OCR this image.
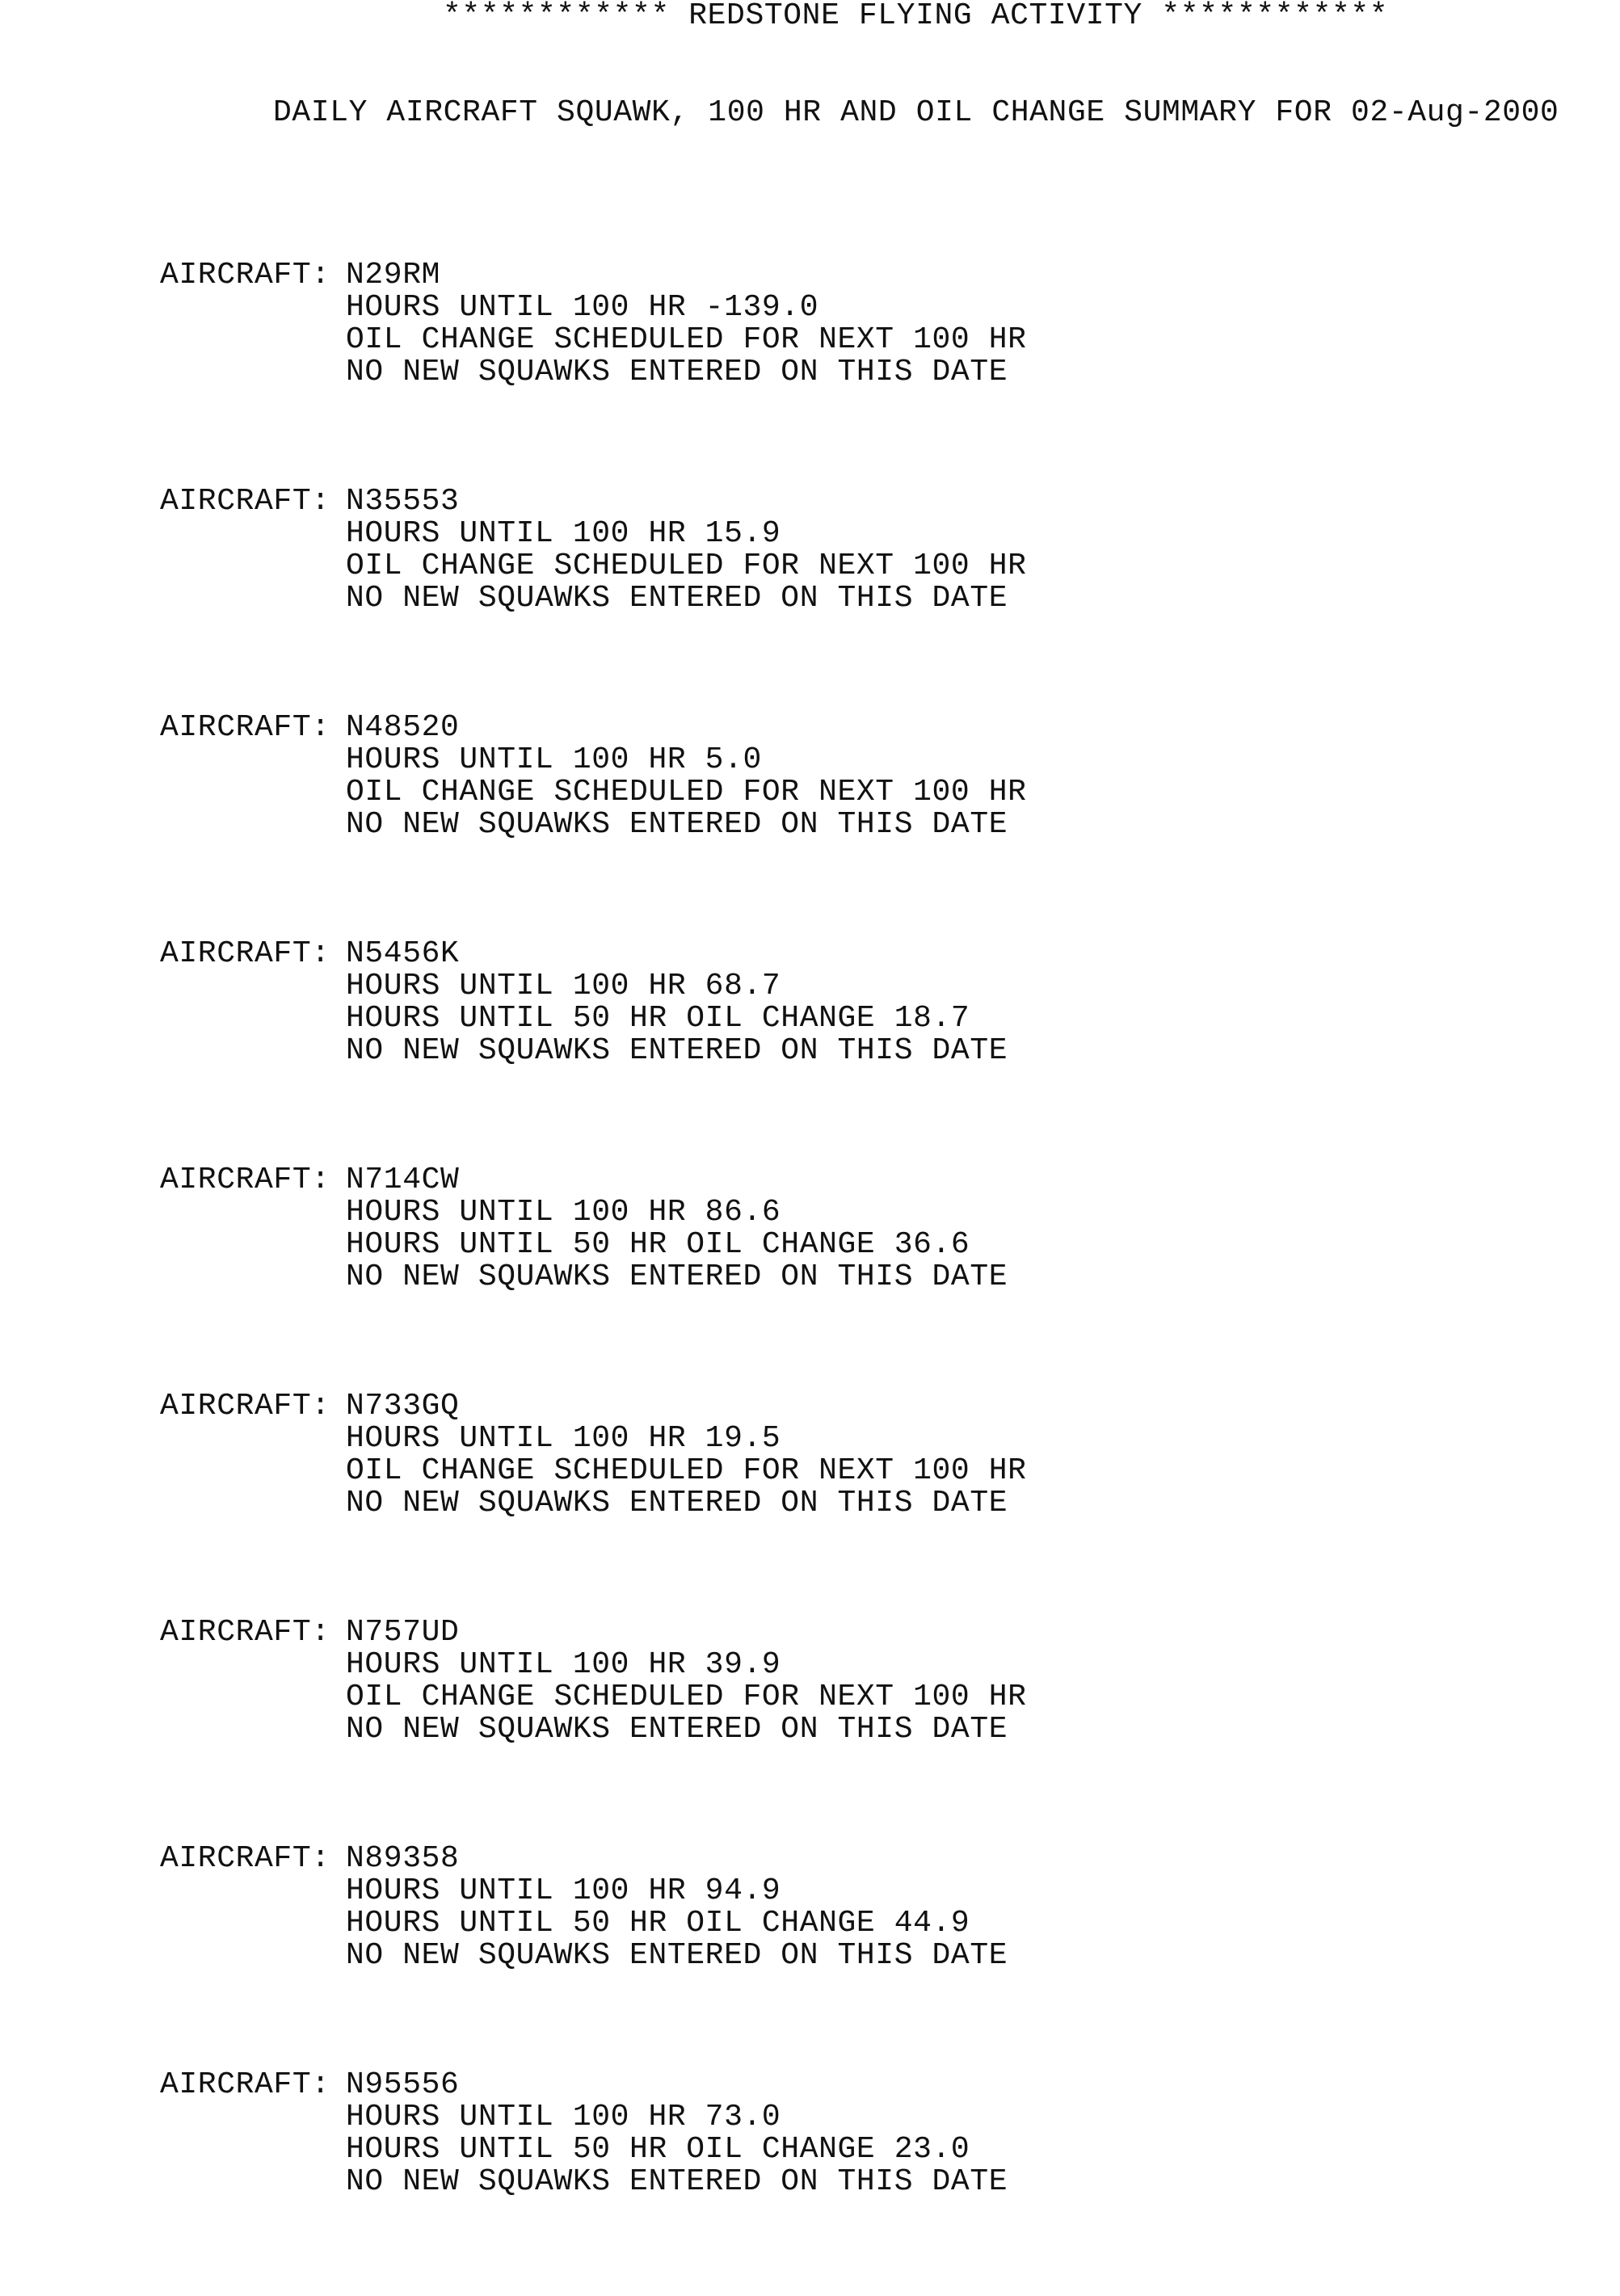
************ REDSTONE FLYING ACTIVITY ************

DAILY AIRCRAFT SQUAWK, 100 HR AND OIL CHANGE SUMMARY FOR 02-Aug-2000

AIRCRAFT:

N29RM

HOURS UNTIL 100 HR -139.0

OIL CHANGE SCHEDULED FOR NEXT 100 HR

NO NEW SQUAWKS ENTERED ON THIS DATE

AIRCRAFT:

N35553

HOURS UNTIL 100 HR 15.9

OIL CHANGE SCHEDULED FOR NEXT 100 HR

NO NEW SQUAWKS ENTERED ON THIS DATE

AIRCRAFT:

N48520

HOURS UNTIL 100 HR 5.0

OIL CHANGE SCHEDULED FOR NEXT 100 HR

NO NEW SQUAWKS ENTERED ON THIS DATE

AIRCRAFT:

N5456K

HOURS UNTIL 100 HR 68.7

HOURS UNTIL 50 HR OIL CHANGE 18.7

NO NEW SQUAWKS ENTERED ON THIS DATE

AIRCRAFT:

N714CW

HOURS UNTIL 100 HR 86.6

HOURS UNTIL 50 HR OIL CHANGE 36.6

NO NEW SQUAWKS ENTERED ON THIS DATE

AIRCRAFT:

N733GQ

HOURS UNTIL 100 HR 19.5

OIL CHANGE SCHEDULED FOR NEXT 100 HR

NO NEW SQUAWKS ENTERED ON THIS DATE

AIRCRAFT:

N757UD

HOURS UNTIL 100 HR 39.9

OIL CHANGE SCHEDULED FOR NEXT 100 HR

NO NEW SQUAWKS ENTERED ON THIS DATE

AIRCRAFT:

N89358

HOURS UNTIL 100 HR 94.9

HOURS UNTIL 50 HR OIL CHANGE 44.9

NO NEW SQUAWKS ENTERED ON THIS DATE

AIRCRAFT:

N95556

HOURS UNTIL 100 HR 73.0

HOURS UNTIL 50 HR OIL CHANGE 23.0

NO NEW SQUAWKS ENTERED ON THIS DATE
